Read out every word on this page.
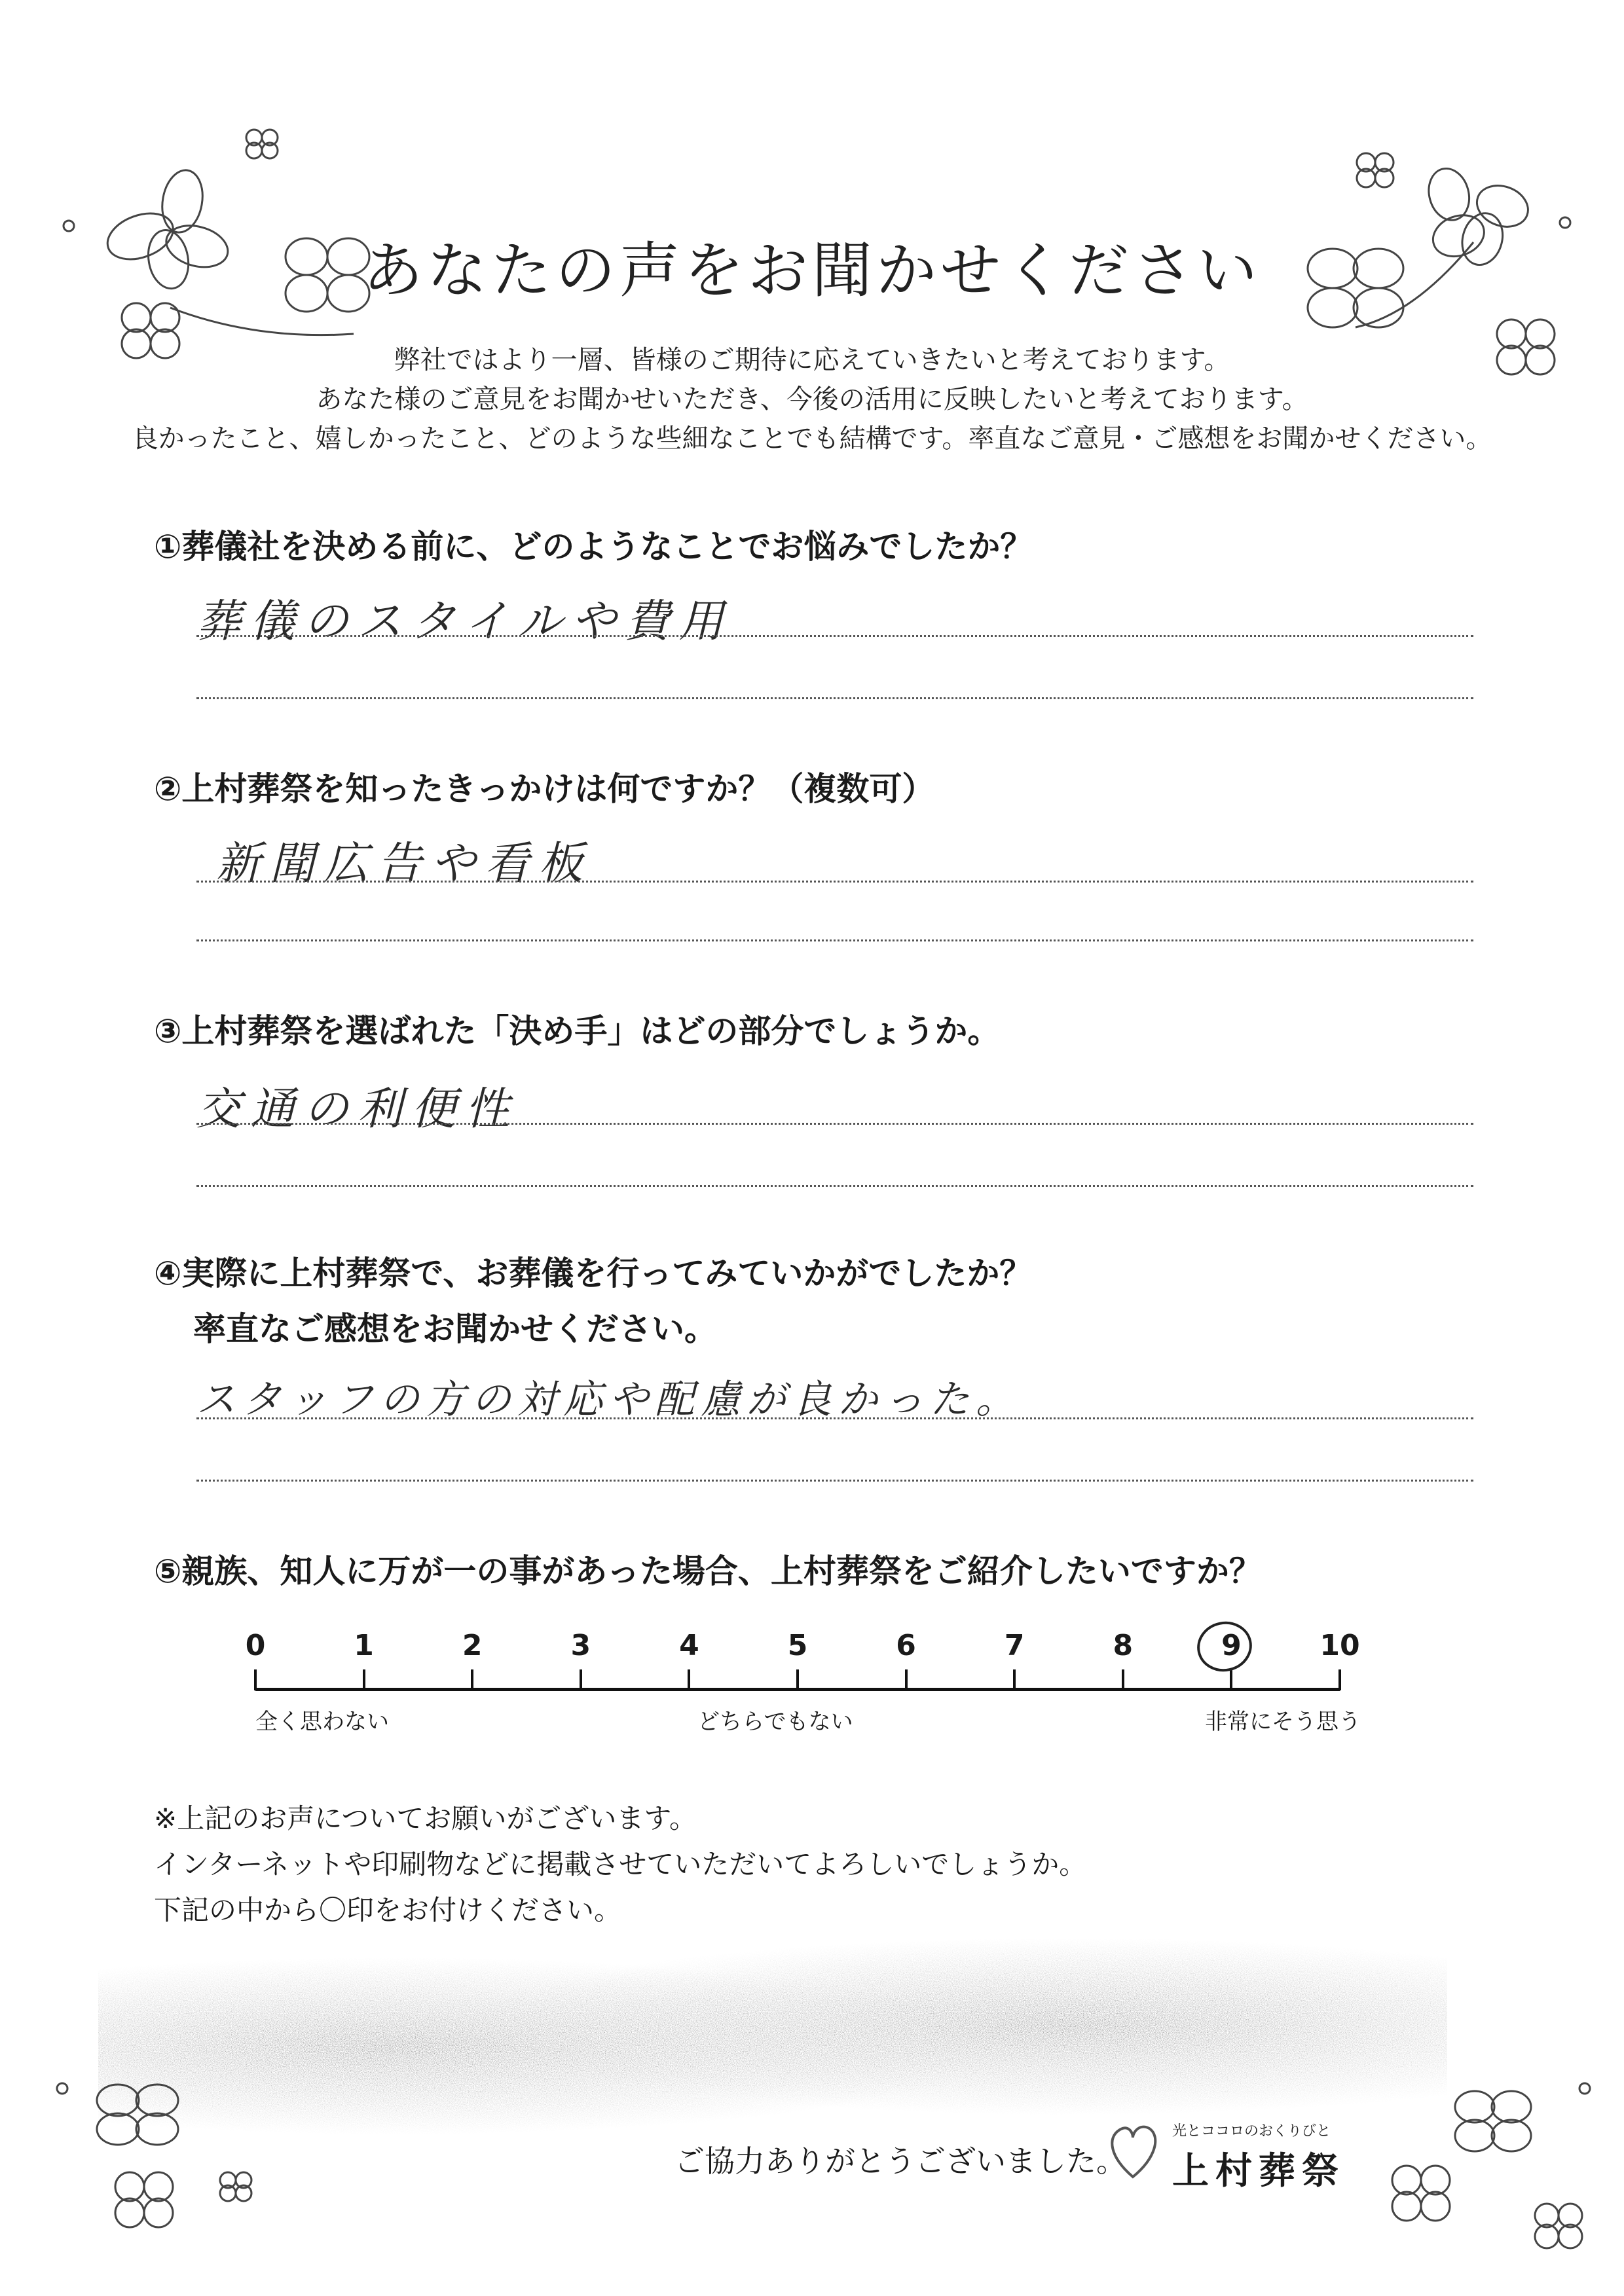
あなたの声をお聞かせください
弊社ではより一層、皆様のご期待に応えていきたいと考えております。
あなた様のご意見をお聞かせいただき、今後の活用に反映したいと考えております。
良かったこと、嬉しかったこと、どのような些細なことでも結構です。率直なご意見・ご感想をお聞かせください。
①葬儀社を決める前に、どのようなことでお悩みでしたか？
葬儀のスタイルや費用
②上村葬祭を知ったきっかけは何ですか？（複数可）
新聞広告や看板
③上村葬祭を選ばれた「決め手」はどの部分でしょうか。
交通の利便性
④実際に上村葬祭で、お葬儀を行ってみていかがでしたか？
率直なご感想をお聞かせください。
スタッフの方の対応や配慮が良かった。
⑤親族、知人に万が一の事があった場合、上村葬祭をご紹介したいですか？
0	1	2	3	4	5	6	7	8	9	10
全く思わない	どちらでもない	非常にそう思う
※上記のお声についてお願いがございます。
インターネットや印刷物などに掲載させていただいてよろしいでしょうか。
下記の中から〇印をお付けください。
ご協力ありがとうございました。
光とココロのおくりびと
上村葬祭
